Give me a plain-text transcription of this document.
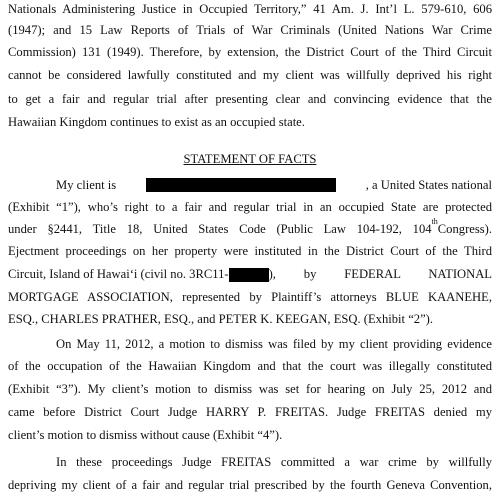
Nationals Administering Justice in Occupied Territory,” 41 Am. J. Int’l L. 579-610, 606
(1947); and 15 Law Reports of Trials of War Criminals (United Nations War Crime
Commission) 131 (1949). Therefore, by extension, the District Court of the Third Circuit
cannot be considered lawfully constituted and my client was willfully deprived his right
to get a fair and regular trial after presenting clear and convincing evidence that the
Hawaiian Kingdom continues to exist as an occupied state.
STATEMENT OF FACTS
My client is	, a United States national
(Exhibit “1”), who’s right to a fair and regular trial in an occupied State are protected
under §2441, Title 18, United States Code (Public Law 104-192, 104
th
Congress).
Ejectment proceedings on her property were instituted in the District Court of the Third
Circuit, Island of Hawai‘i (civil no. 3RC11-	), by FEDERAL NATIONAL
MORTGAGE ASSOCIATION, represented by Plaintiff’s attorneys BLUE KAANEHE,
ESQ., CHARLES PRATHER, ESQ., and PETER K. KEEGAN, ESQ. (Exhibit “2”).
On May 11, 2012, a motion to dismiss was filed by my client providing evidence
of the occupation of the Hawaiian Kingdom and that the court was illegally constituted
(Exhibit “3”). My client’s motion to dismiss was set for hearing on July 25, 2012 and
came before District Court Judge HARRY P. FREITAS. Judge FREITAS denied my
client’s motion to dismiss without cause (Exhibit “4”).
In these proceedings Judge FREITAS committed a war crime by willfully
depriving my client of a fair and regular trial prescribed by the fourth Geneva Convention,
